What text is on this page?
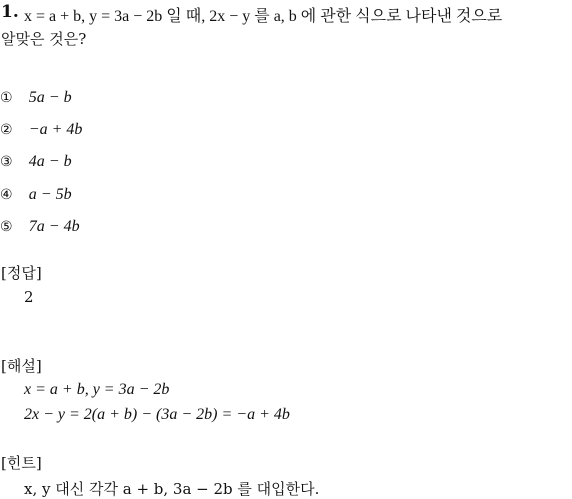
1. x = a + b, y = 3a − 2b 일 때, 2x − y 를 a, b 에 관한 식으로 나타낸 것으로
알맞은 것은?
① 5a − b
② −a + 4b
③ 4a − b
④ a − 5b
⑤ 7a − 4b
[정답]
2
[해설]
x = a + b, y = 3a − 2b
2x − y = 2(a + b) − (3a − 2b) = −a + 4b
[힌트]
x, y 대신 각각 a + b, 3a − 2b 를 대입한다.
